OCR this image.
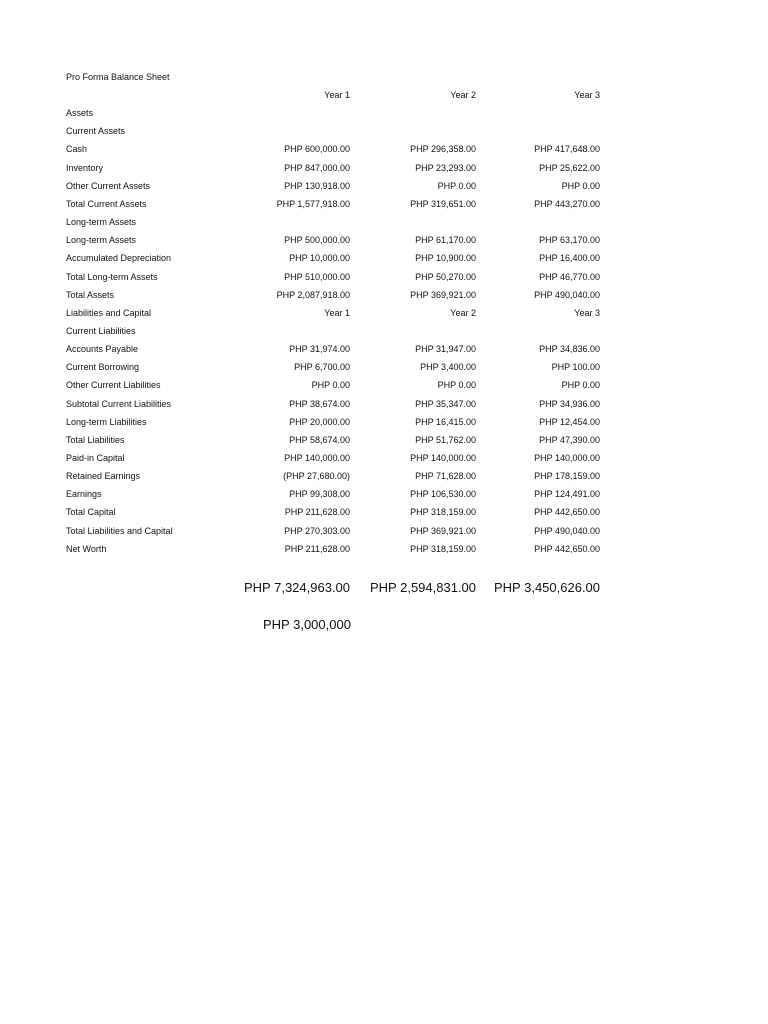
Pro Forma Balance Sheet
Year 1	Year 2	Year 3
Assets
Current Assets
Cash	PHP 600,000.00	PHP 296,358.00	PHP 417,648.00
Inventory	PHP 847,000.00	PHP 23,293.00	PHP 25,622.00
Other Current Assets	PHP 130,918.00	PHP 0.00	PHP 0.00
Total Current Assets	PHP 1,577,918.00	PHP 319,651.00	PHP 443,270.00
Long-term Assets
Long-term Assets	PHP 500,000.00	PHP 61,170.00	PHP 63,170.00
Accumulated Depreciation	PHP 10,000.00	PHP 10,900.00	PHP 16,400.00
Total Long-term Assets	PHP 510,000.00	PHP 50,270.00	PHP 46,770.00
Total Assets	PHP 2,087,918.00	PHP 369,921.00	PHP 490,040.00
Liabilities and Capital	Year 1	Year 2	Year 3
Current Liabilities
Accounts Payable	PHP 31,974.00	PHP 31,947.00	PHP 34,836.00
Current Borrowing	PHP 6,700.00	PHP 3,400.00	PHP 100.00
Other Current Liabilities	PHP 0.00	PHP 0.00	PHP 0.00
Subtotal Current Liabilities	PHP 38,674.00	PHP 35,347.00	PHP 34,936.00
Long-term Liabilities	PHP 20,000.00	PHP 16,415.00	PHP 12,454.00
Total Liabilities	PHP 58,674.00	PHP 51,762.00	PHP 47,390.00
Paid-in Capital	PHP 140,000.00	PHP 140,000.00	PHP 140,000.00
Retained Earnings	(PHP 27,680.00)	PHP 71,628.00	PHP 178,159.00
Earnings	PHP 99,308.00	PHP 106,530.00	PHP 124,491.00
Total Capital	PHP 211,628.00	PHP 318,159.00	PHP 442,650.00
Total Liabilities and Capital	PHP 270,303.00	PHP 369,921.00	PHP 490,040.00
Net Worth	PHP 211,628.00	PHP 318,159.00	PHP 442,650.00
PHP 7,324,963.00 PHP 2,594,831.00 PHP 3,450,626.00
PHP 3,000,000
